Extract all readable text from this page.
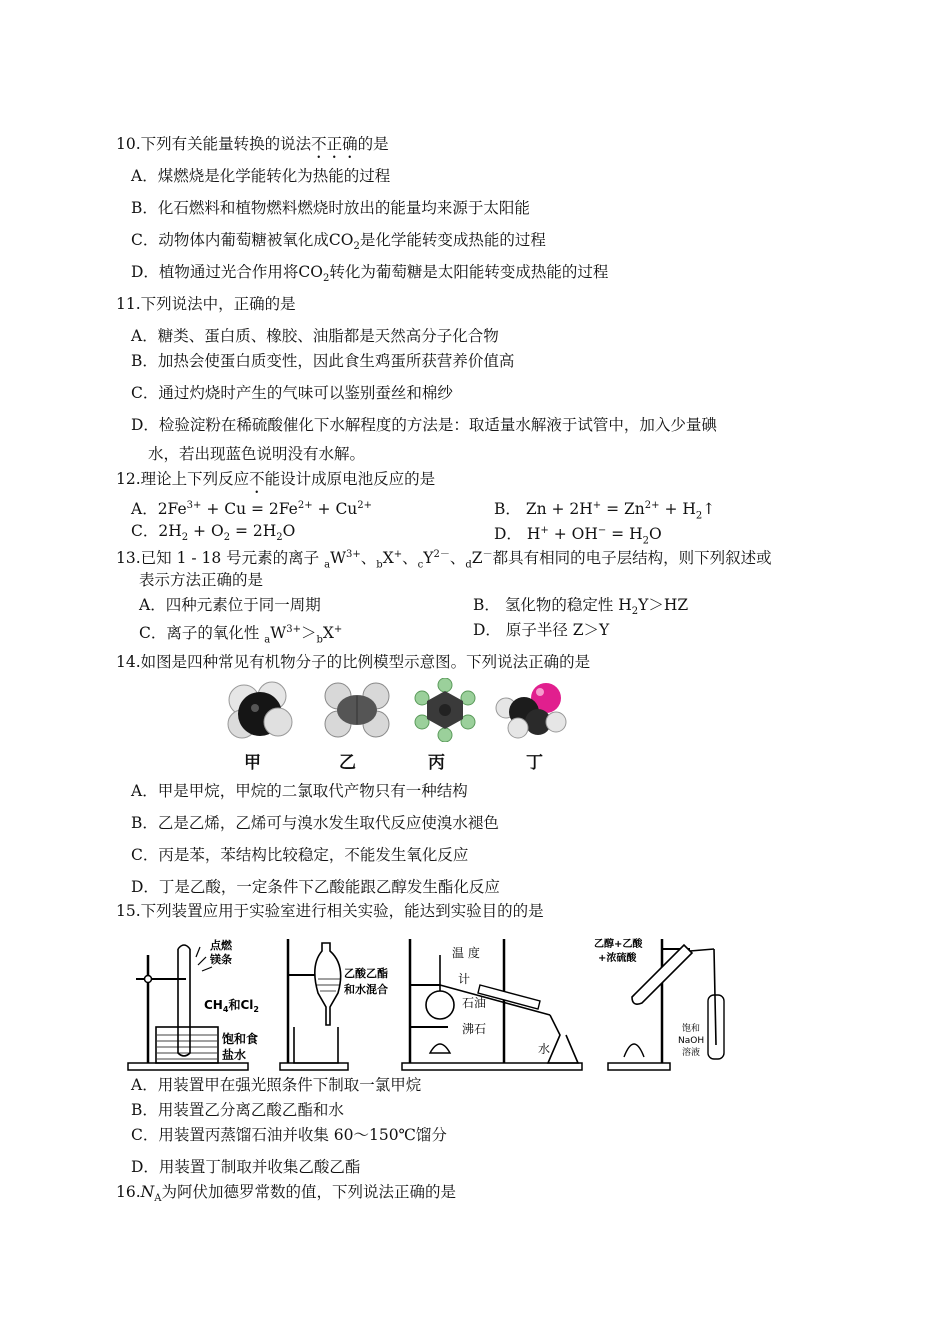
10.下列有关能量转换的说法不正确的是
A．煤燃烧是化学能转化为热能的过程
B．化石燃料和植物燃料燃烧时放出的能量均来源于太阳能
C．动物体内葡萄糖被氧化成$CO_2$是化学能转变成热能的过程
D．植物通过光合作用将$CO_2$转化为葡萄糖是太阳能转变成热能的过程
11.下列说法中，正确的是
A．糖类、蛋白质、橡胶、油脂都是天然高分子化合物
B．加热会使蛋白质变性，因此食生鸡蛋所获营养价值高
C．通过灼烧时产生的气味可以鉴别蚕丝和棉纱
D．检验淀粉在稀硫酸催化下水解程度的方法是：取适量水解液于试管中，加入少量碘
水，若出现蓝色说明没有水解。
12.理论上下列反应不能设计成原电池反应的是
A．$2Fe^{3+} + Cu = 2Fe^{2+} + Cu^{2+}$	B． $Zn + 2H^+ = Zn^{2+}$ + $H_2↑$
C．$2H_2 + O_2 = 2H_2O$	D． $H^+ + OH^- = H_2O$
13.已知 1 - 18 号元素的离子 $_aW^{3+}$、$_b$X+、$_cY^{2-}$、$_d$Z－都具有相同的电子层结构，则下列叙述或
表示方法正确的是
A．四种元素位于同一周期	B． 氢化物的稳定性 $H_2Y>HZ$
C．离子的氧化性 $_aW^{3+}>_bX^+$	D． 原子半径 Z＞Y
14.如图是四种常见有机物分子的比例模型示意图。下列说法正确的是
甲	乙	丙	丁
A．甲是甲烷，甲烷的二氯取代产物只有一种结构
B．乙是乙烯，乙烯可与溴水发生取代反应使溴水褪色
C．丙是苯，苯结构比较稳定，不能发生氧化反应
D．丁是乙酸，一定条件下乙酸能跟乙醇发生酯化反应
15.下列装置应用于实验室进行相关实验，能达到实验目的的是
点燃
镁条
$CH_4$和$Cl_2$
饱和食
盐水
乙酸乙酯
和水混合
温 度
计
石油
沸石
水
乙醇+乙酸
+浓硫酸
饱和
NaOH
溶液
A．用装置甲在强光照条件下制取一氯甲烷
B．用装置乙分离乙酸乙酯和水
C．用装置丙蒸馏石油并收集 60～150℃馏分
D．用装置丁制取并收集乙酸乙酯
$16.N_A$为阿伏加德罗常数的值，下列说法正确的是
